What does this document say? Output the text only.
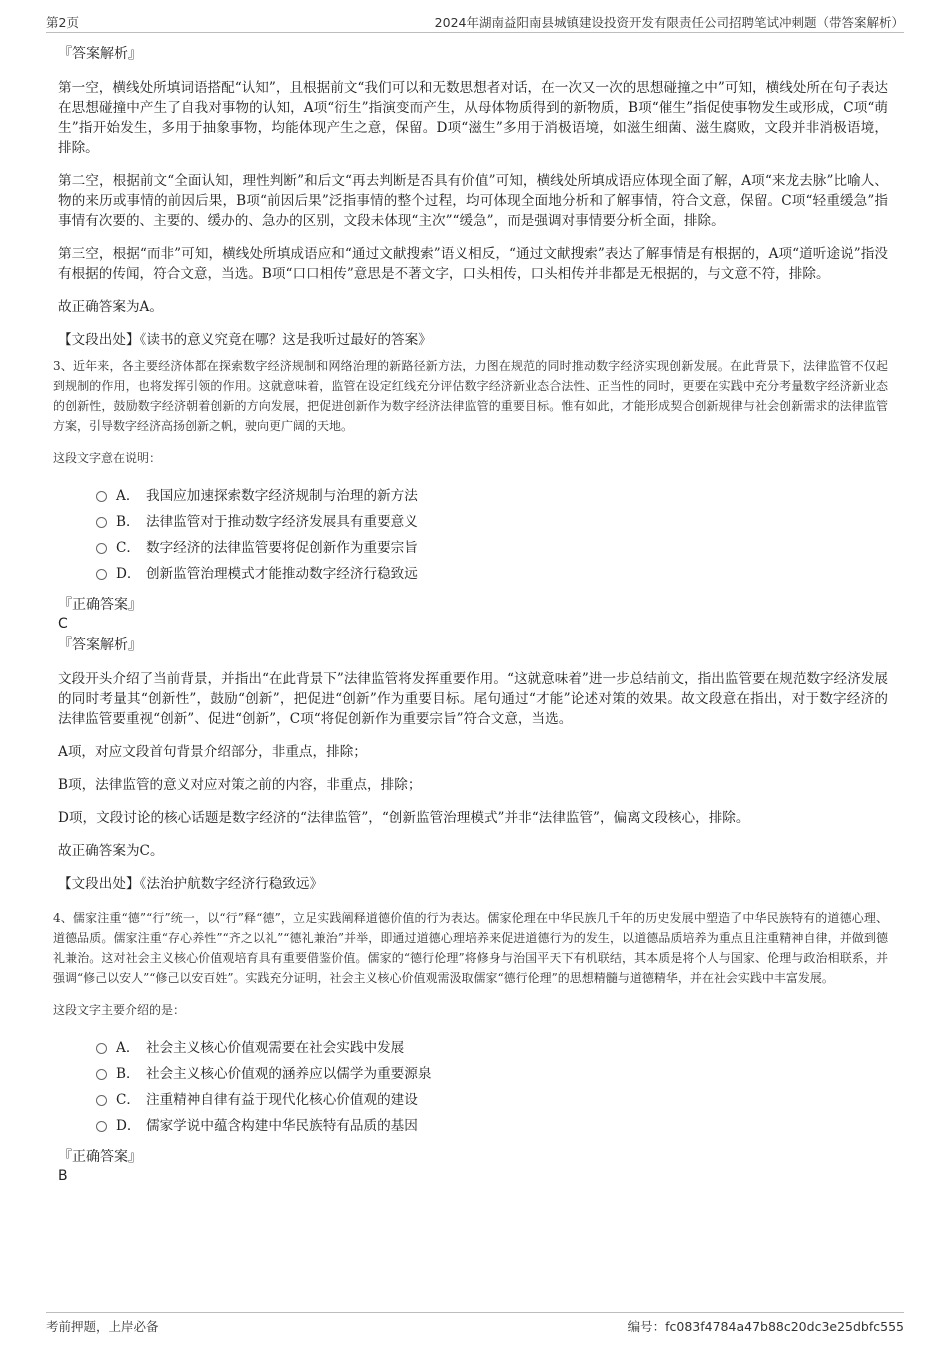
第2页	2024年湖南益阳南县城镇建设投资开发有限责任公司招聘笔试冲刺题（带答案解析）
『答案解析』

第一空，横线处所填词语搭配“认知”，且根据前文“我们可以和无数思想者对话，在一次又一次的思想碰撞之中”可知，横线处所在句子表达在思想碰撞中产生了自我对事物的认知，A项“衍生”指演变而产生，从母体物质得到的新物质，B项“催生”指促使事物发生或形成，C项“萌生”指开始发生，多用于抽象事物，均能体现产生之意，保留。D项“滋生”多用于消极语境，如滋生细菌、滋生腐败，文段并非消极语境，排除。

第二空，根据前文“全面认知，理性判断”和后文“再去判断是否具有价值”可知，横线处所填成语应体现全面了解，A项“来龙去脉”比喻人、物的来历或事情的前因后果，B项“前因后果”泛指事情的整个过程，均可体现全面地分析和了解事情，符合文意，保留。C项“轻重缓急”指事情有次要的、主要的、缓办的、急办的区别，文段未体现“主次”“缓急”，而是强调对事情要分析全面，排除。

第三空，根据“而非”可知，横线处所填成语应和“通过文献搜索”语义相反，“通过文献搜索”表达了解事情是有根据的，A项“道听途说”指没有根据的传闻，符合文意，当选。B项“口口相传”意思是不著文字，口头相传，口头相传并非都是无根据的，与文意不符，排除。

故正确答案为A。

【文段出处】《读书的意义究竟在哪？这是我听过最好的答案》

3、近年来，各主要经济体都在探索数字经济规制和网络治理的新路径新方法，力图在规范的同时推动数字经济实现创新发展。在此背景下，法律监管不仅起到规制的作用，也将发挥引领的作用。这就意味着，监管在设定红线充分评估数字经济新业态合法性、正当性的同时，更要在实践中充分考量数字经济新业态的创新性，鼓励数字经济朝着创新的方向发展，把促进创新作为数字经济法律监管的重要目标。惟有如此，才能形成契合创新规律与社会创新需求的法律监管方案，引导数字经济高扬创新之帆，驶向更广阔的天地。

这段文字意在说明：
A． 我国应加速探索数字经济规制与治理的新方法
B． 法律监管对于推动数字经济发展具有重要意义
C． 数字经济的法律监管要将促创新作为重要宗旨
D． 创新监管治理模式才能推动数字经济行稳致远
『正确答案』
C
『答案解析』

文段开头介绍了当前背景，并指出“在此背景下”法律监管将发挥重要作用。“这就意味着”进一步总结前文，指出监管要在规范数字经济发展的同时考量其“创新性”，鼓励“创新”，把促进“创新”作为重要目标。尾句通过“才能”论述对策的效果。故文段意在指出，对于数字经济的法律监管要重视“创新”、促进“创新”，C项“将促创新作为重要宗旨”符合文意，当选。

A项，对应文段首句背景介绍部分，非重点，排除；

B项，法律监管的意义对应对策之前的内容，非重点，排除；

D项，文段讨论的核心话题是数字经济的“法律监管”，“创新监管治理模式”并非“法律监管”，偏离文段核心，排除。

故正确答案为C。

【文段出处】《法治护航数字经济行稳致远》

4、儒家注重“德”“行”统一，以“行”释“德”，立足实践阐释道德价值的行为表达。儒家伦理在中华民族几千年的历史发展中塑造了中华民族特有的道德心理、道德品质。儒家注重“存心养性”“齐之以礼”“德礼兼治”并举，即通过道德心理培养来促进道德行为的发生，以道德品质培养为重点且注重精神自律，并做到德礼兼治。这对社会主义核心价值观培育具有重要借鉴价值。儒家的“德行伦理”将修身与治国平天下有机联结，其本质是将个人与国家、伦理与政治相联系，并强调“修己以安人”“修己以安百姓”。实践充分证明，社会主义核心价值观需汲取儒家“德行伦理”的思想精髓与道德精华，并在社会实践中丰富发展。

这段文字主要介绍的是：
A． 社会主义核心价值观需要在社会实践中发展
B． 社会主义核心价值观的涵养应以儒学为重要源泉
C． 注重精神自律有益于现代化核心价值观的建设
D． 儒家学说中蕴含构建中华民族特有品质的基因
『正确答案』
B
考前押题，上岸必备	编号：fc083f4784a47b88c20dc3e25dbfc555
